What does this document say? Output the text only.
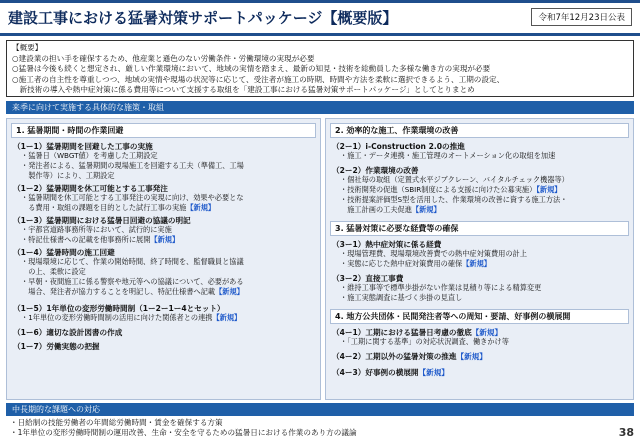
建設工事における猛暑対策サポートパッケージ【概要版】	令和7年12月23日公表

【概要】

○建設業の担い手を確保するため、他産業と遜色のない労働条件・労働環境の実現が必要

○猛暑は今後も続くと想定され、厳しい作業環境において、地域の実情を踏まえ、最新の知見・技術を総動員した多様な働き方の実現が必要

○施工者の自主性を尊重しつつ、地域の実情や現場の状況等に応じて、受注者が施工の時期、時間や方法を柔軟に選択できるよう、工期の設定、

　新技術の導入や熱中症対策に係る費用等について支援する取組を「建設工事における猛暑対策サポートパッケージ」としてとりまとめ

来季に向けて実施する具体的な施策・取組
1. 猛暑期間・時間の作業回避
（1ー1）猛暑期間を回避した工事の実施
・猛暑日（WBGT値）を考慮した工期設定
・発注者による、猛暑期間の現場施工を回避する工夫（準備工、工場
　製作等）により、工期設定
（1ー2）猛暑期間を休工可能とする工事発注
・猛暑期間を休工可能とする工事発注の実現に向け、効果や必要とな
　る費用・取組の課題を目的とした試行工事の実施【新規】
（1ー3）猛暑期間における猛暑日回避の協議の明記
・宇都宮道路事務所等において、試行的に実施
・特記仕様書への記載を他事務所に展開【新規】
（1ー4）猛暑時間の施工回避
・現場環境に応じて、作業の開始時間、終了時間を、監督職員と協議
　の上、柔軟に設定
・早朝・夜間施工に係る警察や地元等への協議について、必要がある
　場合、発注者が協力することを明記し、特記仕様書へ記載【新規】
（1ー5）1年単位の変形労働時間制（1ー2ー1ー4とセット）
・1年単位の変形労働時間制の活用に向けた関係者との連携【新規】
（1ー6）適切な設計図書の作成
（1ー7）労働実態の把握
2. 効率的な施工、作業環境の改善
（2ー1）i-Construction 2.0の推進
・施工・データ連携・施工管理のオートメーション化の取組を加速
（2ー2）作業環境の改善
・個社毎の取組（定置式水平ジブクレーン、バイタルチェック機器等）
・技術開発の促進（SBIR制度による支援に向けた公募実施）【新規】
・技術提案評価型S型を活用した、作業環境の改善に資する施工方法・
　施工計画の工夫促進【新規】
3. 猛暑対策に必要な経費等の確保
（3ー1）熱中症対策に係る経費
・現場管理費、現場環境改善費での熱中症対策費用の計上
・実態に応じた熱中症対策費用の確保【新規】
（3ー2）直接工事費
・維持工事等で標準歩掛がない作業は見積り等による精算変更
・施工実態調査に基づく歩掛の見直し
4. 地方公共団体・民間発注者等への周知・要請、好事例の横展開
（4ー1）工期における猛暑日考慮の徹底【新規】
・「工期に関する基準」の対応状況調査、働きかけ等
（4ー2）工期以外の猛暑対策の推進【新規】
（4ー3）好事例の横展開【新規】
中長期的な課題への対応

・日給制の技能労働者の年間総労働時間・賃金を確保する方策

・1年単位の変形労働時間制の運用改善、生命・安全を守るための猛暑日における作業のあり方の議論	38
